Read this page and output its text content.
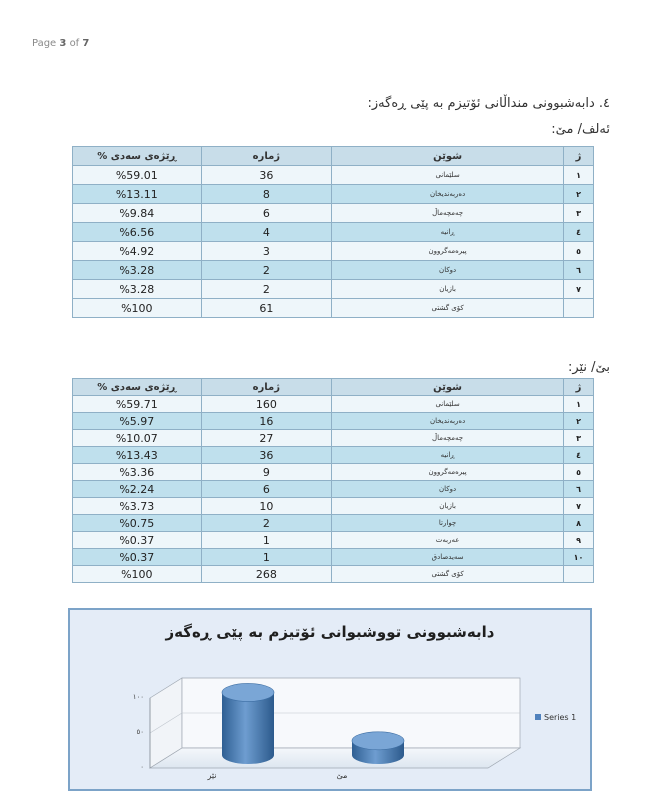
Page 3 of 7
٤. دابەشبوونی منداڵانی ئۆتیزم بە پێی ڕەگەز:
ئەلف/ مێ:
ژ	شوێن	ژمارە	ڕێژەی سەدی %
١	سلێمانی	36	%59.01
٢	دەربەندیخان	8	%13.11
٣	چەمچەماڵ	6	%9.84
٤	ڕانیە	4	%6.56
٥	پیرەمەگروون	3	%4.92
٦	دوکان	2	%3.28
٧	بازیان	2	%3.28
	کۆی گشتی	61	%100
بێ/ نێر:
ژ	شوێن	ژمارە	ڕێژەی سەدی %
١	سلێمانی	160	%59.71
٢	دەربەندیخان	16	%5.97
٣	چەمچەماڵ	27	%10.07
٤	ڕانیە	36	%13.43
٥	پیرەمەگروون	9	%3.36
٦	دوکان	6	%2.24
٧	بازیان	10	%3.73
٨	چوارتا	2	%0.75
٩	عەربەت	1	%0.37
١٠	سەیدصادق	1	%0.37
	کۆی گشتی	268	%100
دابەشبوونی تووشبوانی ئۆتیزم بە پێی ڕەگەز
١٠٠
٥٠
٠
نێر	مێ
Series 1
